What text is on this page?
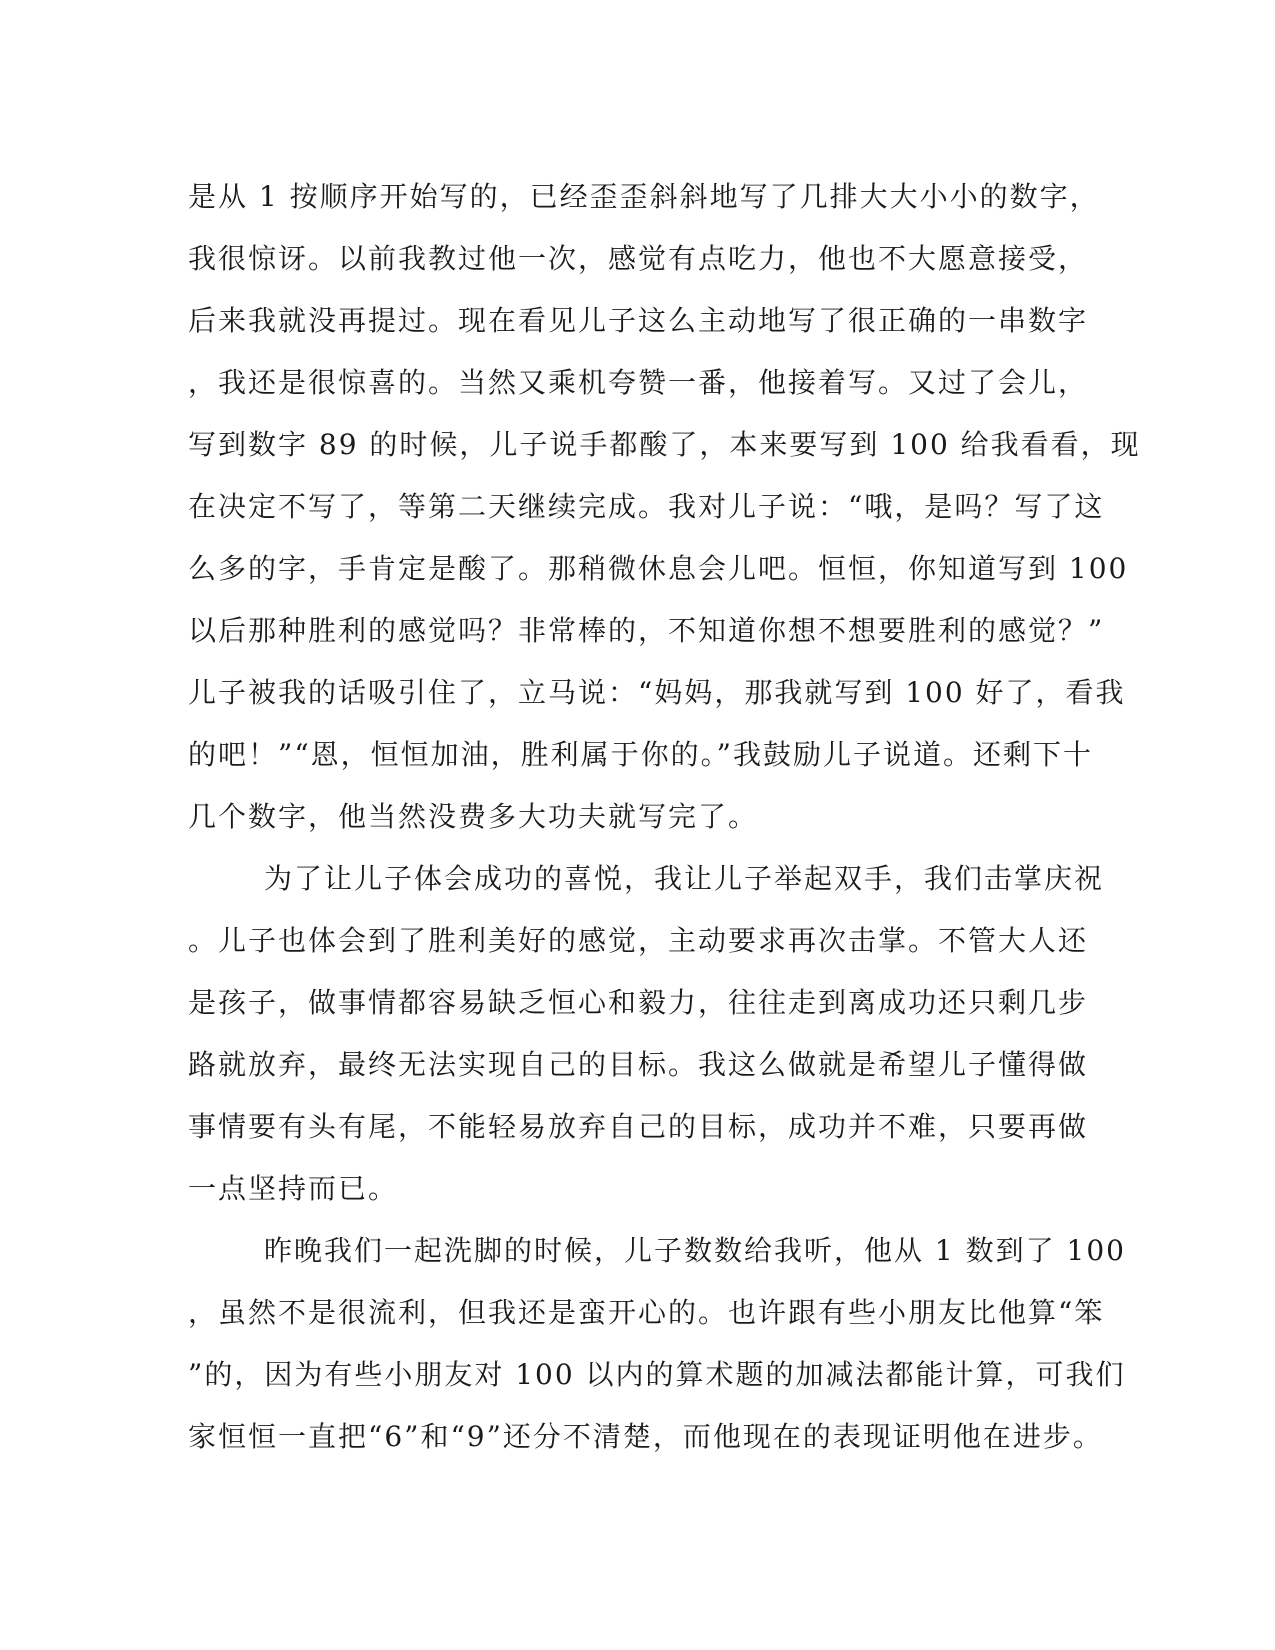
是从 1 按顺序开始写的，已经歪歪斜斜地写了几排大大小小的数字，
我很惊讶。以前我教过他一次，感觉有点吃力，他也不大愿意接受，
后来我就没再提过。现在看见儿子这么主动地写了很正确的一串数字
，我还是很惊喜的。当然又乘机夸赞一番，他接着写。又过了会儿，
写到数字 89 的时候，儿子说手都酸了，本来要写到 100 给我看看，现
在决定不写了，等第二天继续完成。我对儿子说：“哦，是吗？写了这
么多的字，手肯定是酸了。那稍微休息会儿吧。恒恒，你知道写到 100
以后那种胜利的感觉吗？非常棒的，不知道你想不想要胜利的感觉？”
儿子被我的话吸引住了，立马说：“妈妈，那我就写到 100 好了，看我
的吧！”“恩，恒恒加油，胜利属于你的。”我鼓励儿子说道。还剩下十
几个数字，他当然没费多大功夫就写完了。
为了让儿子体会成功的喜悦，我让儿子举起双手，我们击掌庆祝
。儿子也体会到了胜利美好的感觉，主动要求再次击掌。不管大人还
是孩子，做事情都容易缺乏恒心和毅力，往往走到离成功还只剩几步
路就放弃，最终无法实现自己的目标。我这么做就是希望儿子懂得做
事情要有头有尾，不能轻易放弃自己的目标，成功并不难，只要再做
一点坚持而已。
昨晚我们一起洗脚的时候，儿子数数给我听，他从 1 数到了 100
，虽然不是很流利，但我还是蛮开心的。也许跟有些小朋友比他算“笨
”的，因为有些小朋友对 100 以内的算术题的加减法都能计算，可我们
家恒恒一直把“6”和“9”还分不清楚，而他现在的表现证明他在进步。
